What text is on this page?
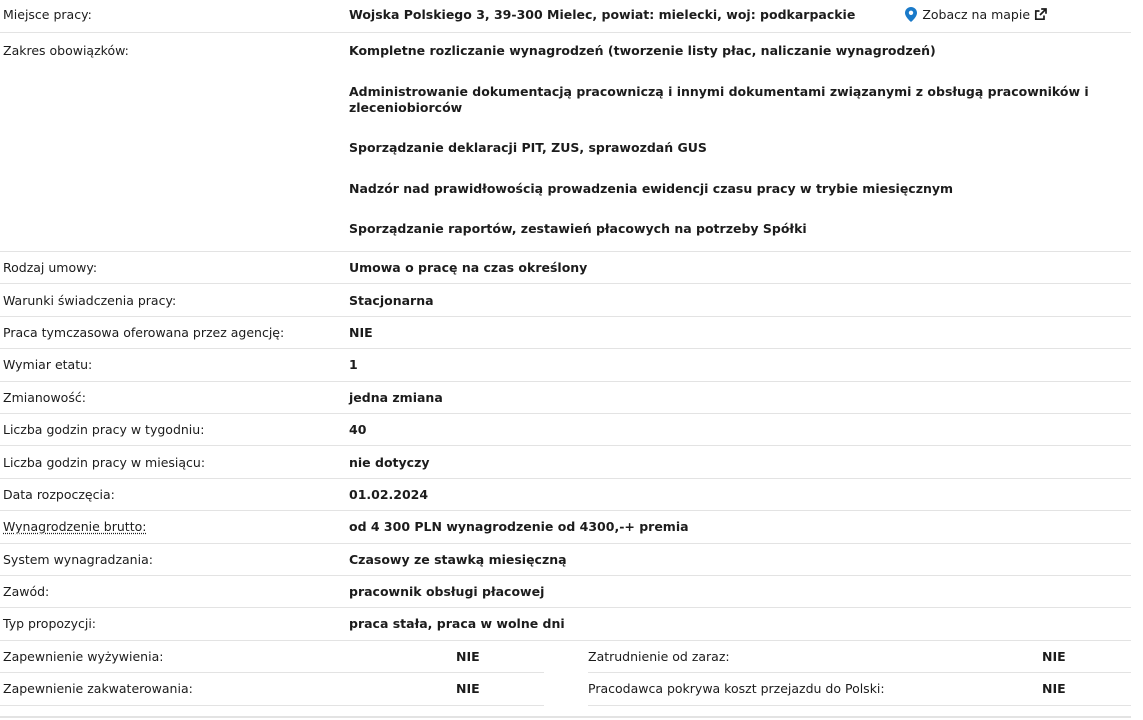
Miejsce pracy:	Wojska Polskiego 3, 39-300 Mielec, powiat: mielecki, woj: podkarpackie	Zobacz na mapie
Zakres obowiązków:	Kompletne rozliczanie wynagrodzeń (tworzenie listy płac, naliczanie wynagrodzeń)
Administrowanie dokumentacją pracowniczą i innymi dokumentami związanymi z obsługą pracowników i zleceniobiorców
Sporządzanie deklaracji PIT, ZUS, sprawozdań GUS
Nadzór nad prawidłowością prowadzenia ewidencji czasu pracy w trybie miesięcznym
Sporządzanie raportów, zestawień płacowych na potrzeby Spółki
Rodzaj umowy:	Umowa o pracę na czas określony
Warunki świadczenia pracy:	Stacjonarna
Praca tymczasowa oferowana przez agencję:	NIE
Wymiar etatu:	1
Zmianowość:	jedna zmiana
Liczba godzin pracy w tygodniu:	40
Liczba godzin pracy w miesiącu:	nie dotyczy
Data rozpoczęcia:	01.02.2024
Wynagrodzenie brutto:	od 4 300 PLN wynagrodzenie od 4300,-+ premia
System wynagradzania:	Czasowy ze stawką miesięczną
Zawód:	pracownik obsługi płacowej
Typ propozycji:	praca stała, praca w wolne dni
Zapewnienie wyżywienia:	NIE	Zatrudnienie od zaraz:	NIE
Zapewnienie zakwaterowania:	NIE	Pracodawca pokrywa koszt przejazdu do Polski:	NIE
